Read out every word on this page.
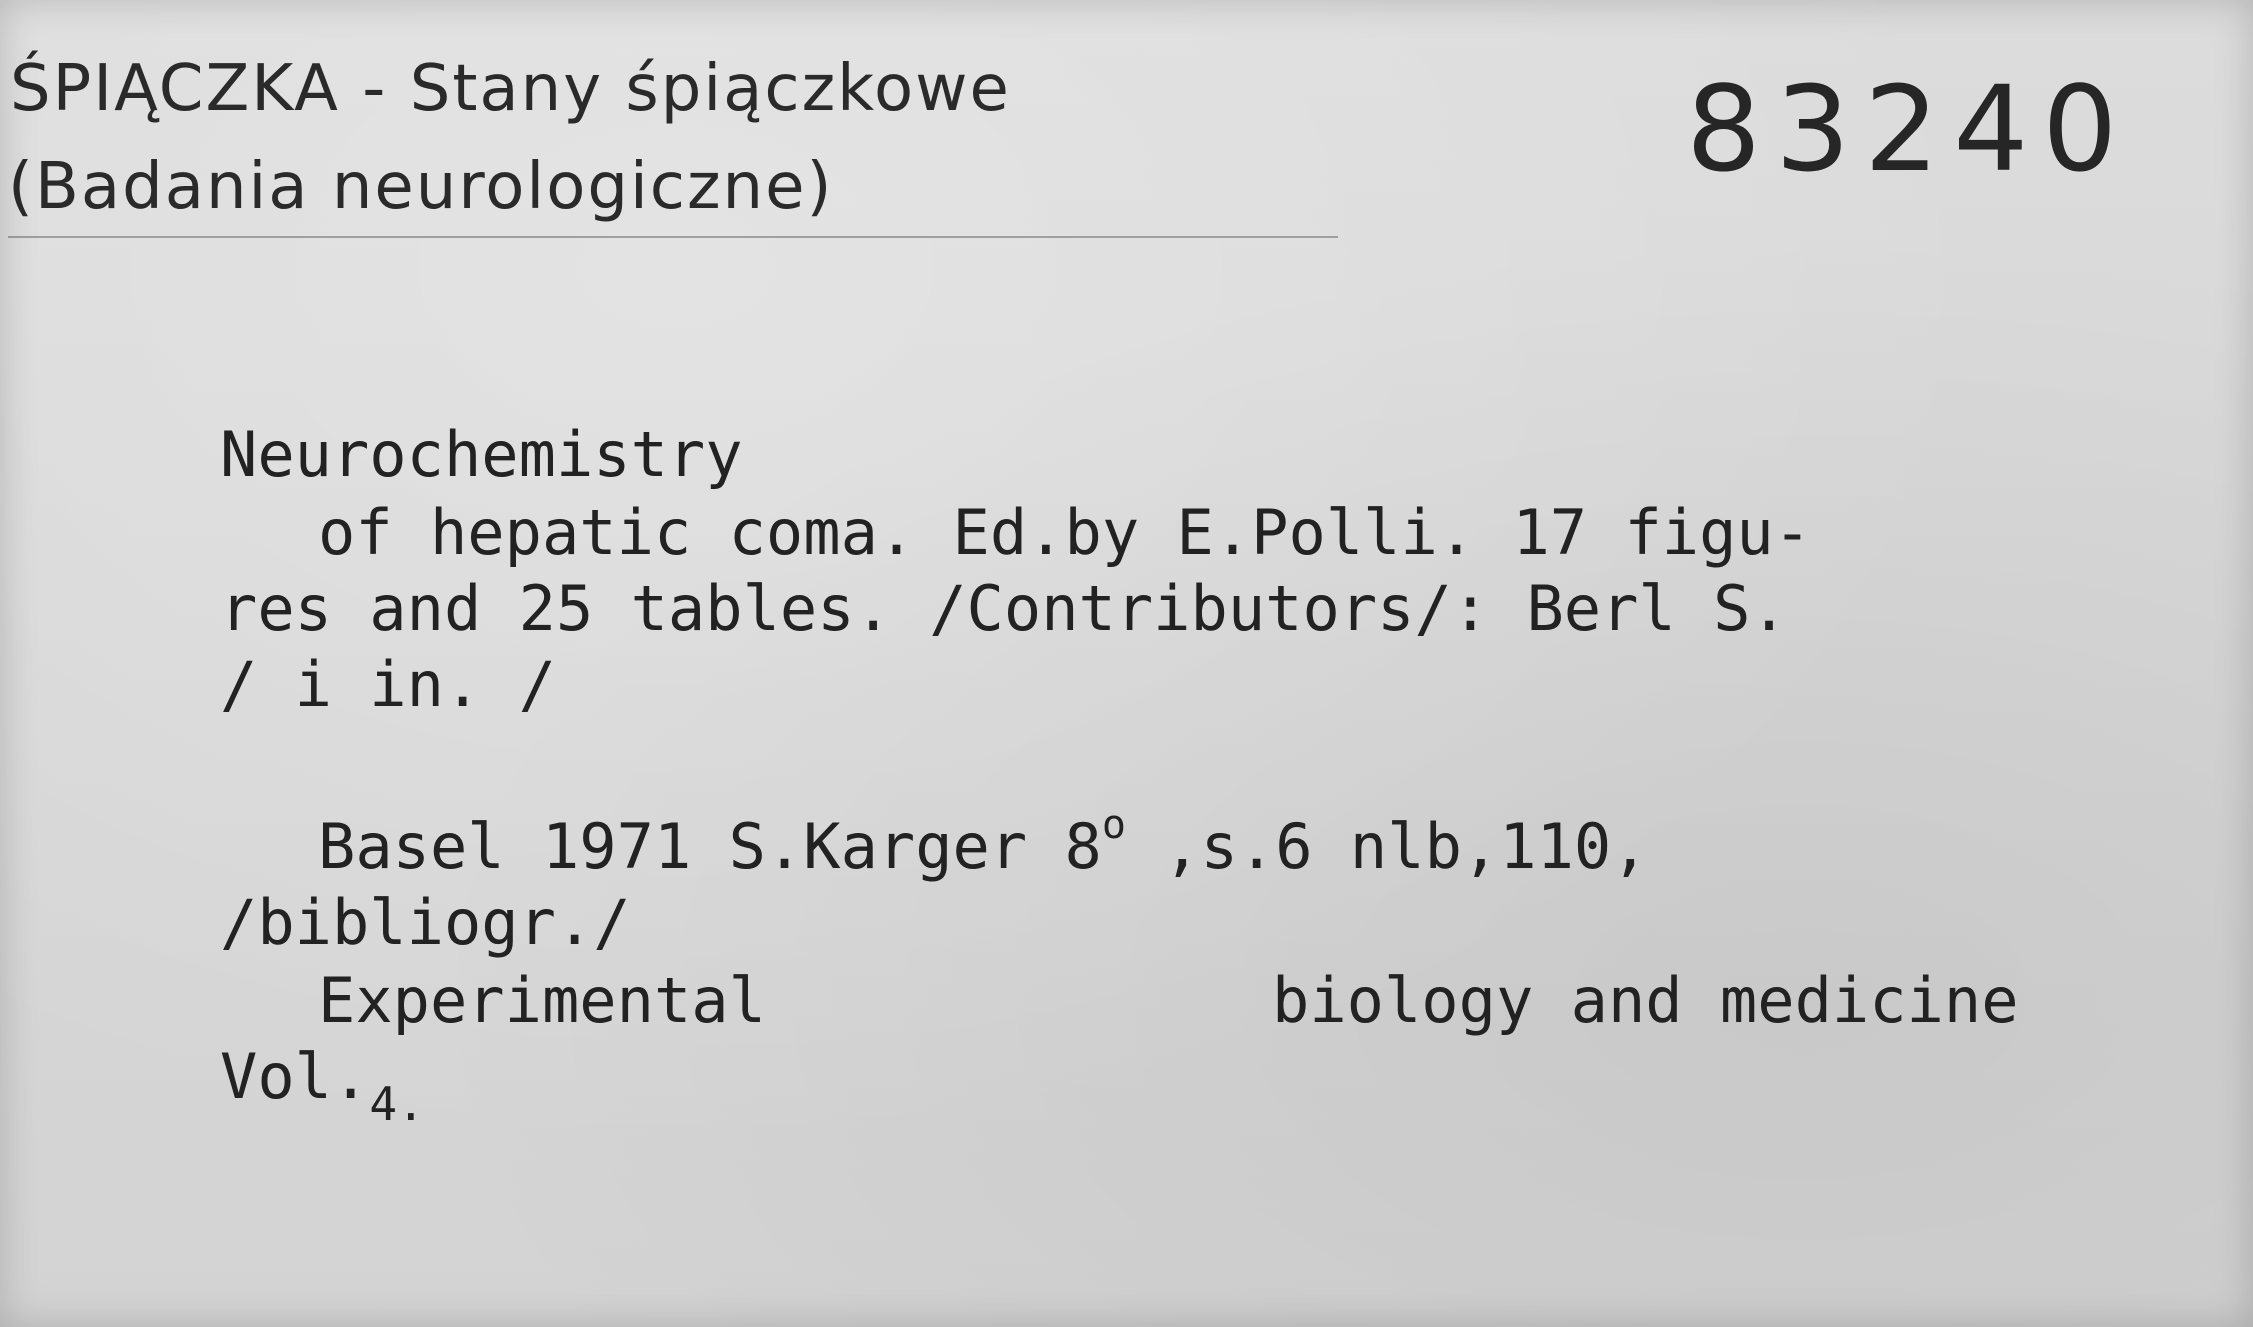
ŚPIĄCZKA - Stany śpiączkowe
(Badania neurologiczne)	83240
Neurochemistry
of hepatic coma. Ed.by E.Polli. 17 figu-
res and 25 tables. /Contributors/: Berl S.
/ i in. /
Basel 1971 S.Karger 8$^o$ ,s.6 nlb,110,
/bibliogr./
Experimental	biology and medicine
$Vol._{4.}$
